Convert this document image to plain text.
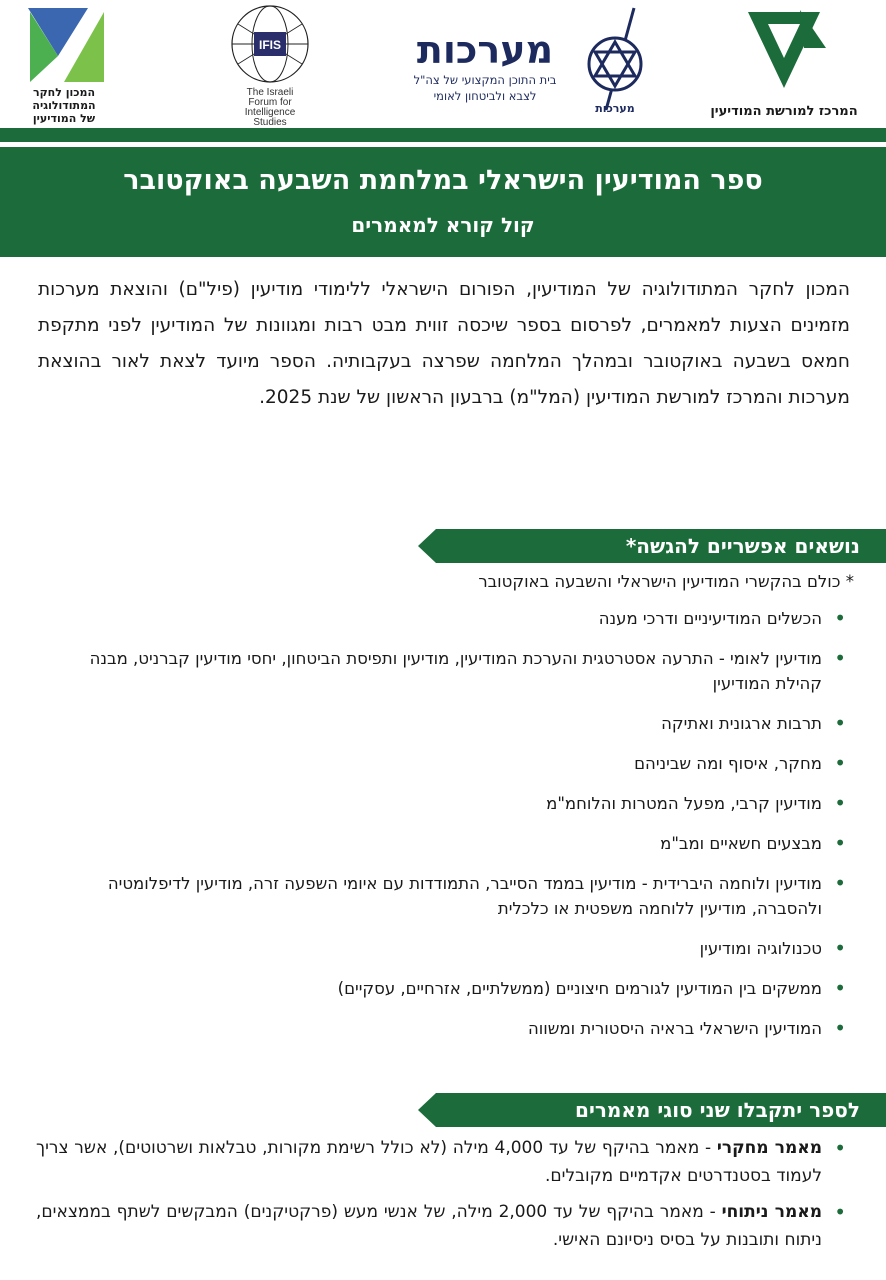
המכון לחקר
המתודולוגיה
של המודיעין
IFIS
The Israeli
Forum for
Intelligence
Studies
מערכות
בית התוכן המקצועי של צה"ל
לצבא ולביטחון לאומי
מערכות	המרכז למורשת המודיעין
ספר המודיעין הישראלי במלחמת השבעה באוקטובר
קול קורא למאמרים
המכון לחקר המתודולוגיה של המודיעין, הפורום הישראלי ללימודי מודיעין (פיל"ם) והוצאת מערכות מזמינים הצעות למאמרים, לפרסום בספר שיכסה זווית מבט רבות ומגוונות של המודיעין לפני מתקפת חמאס בשבעה באוקטובר ובמהלך המלחמה שפרצה בעקבותיה. הספר מיועד לצאת לאור בהוצאת מערכות והמרכז למורשת המודיעין (המל"מ) ברבעון הראשון של שנת 2025.
נושאים אפשריים להגשה*
* כולם בהקשרי המודיעין הישראלי והשבעה באוקטובר
• הכשלים המודיעיניים ודרכי מענה
• מודיעין לאומי - התרעה אסטרטגית והערכת המודיעין, מודיעין ותפיסת הביטחון, יחסי מודיעין קברניט, מבנה קהילת המודיעין
• תרבות ארגונית ואתיקה
• מחקר, איסוף ומה שביניהם
• מודיעין קרבי, מפעל המטרות והלוחמ"מ
• מבצעים חשאיים ומב"מ
• מודיעין ולוחמה היברידית - מודיעין בממד הסייבר, התמודדות עם איומי השפעה זרה, מודיעין לדיפלומטיה ולהסברה, מודיעין ללוחמה משפטית או כלכלית
• טכנולוגיה ומודיעין
• ממשקים בין המודיעין לגורמים חיצוניים (ממשלתיים, אזרחיים, עסקיים)
• המודיעין הישראלי בראיה היסטורית ומשווה
לספר יתקבלו שני סוגי מאמרים
• מאמר מחקרי - מאמר בהיקף של עד 4,000 מילה (לא כולל רשימת מקורות, טבלאות ושרטוטים), אשר צריך לעמוד בסטנדרטים אקדמיים מקובלים.
• מאמר ניתוחי - מאמר בהיקף של עד 2,000 מילה, של אנשי מעש (פרקטיקנים) המבקשים לשתף בממצאים, ניתוח ותובנות על בסיס ניסיונם האישי.
